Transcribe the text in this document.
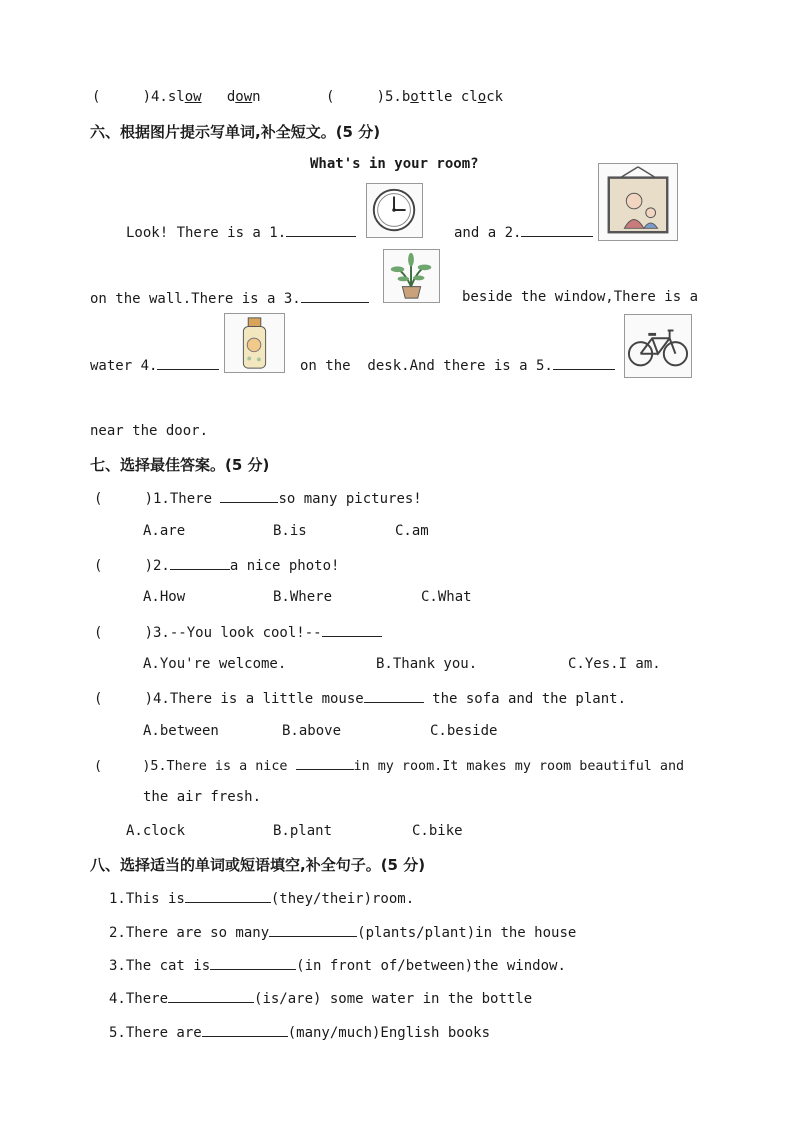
(     )4.slow   down	(     )5.bottle clock
六、根据图片提示写单词,补全短文。(5 分)
What's in your room?
Look! There is a 1.	and a 2.
on the wall.There is a 3.	beside the window,There is a
water 4.	on the  desk.And there is a 5.
near the door.
七、选择最佳答案。(5 分)
(     )1.There	so many pictures!
A.are	B.is	C.am
(     )2.	a nice photo!
A.How	B.Where	C.What
(     )3.--You look cool!--
A.You're welcome.	B.Thank you.	C.Yes.I am.
(     )4.There is a little mouse	the sofa and the plant.
A.between	B.above	C.beside
(     )5.There is a nice	in my room.It makes my room beautiful and
the air fresh.
A.clock	B.plant	C.bike
八、选择适当的单词或短语填空,补全句子。(5 分)
1.This is	(they/their)room.
2.There are so many	(plants/plant)in the house
3.The cat is	(in front of/between)the window.
4.There	(is/are) some water in the bottle
5.There are	(many/much)English books
